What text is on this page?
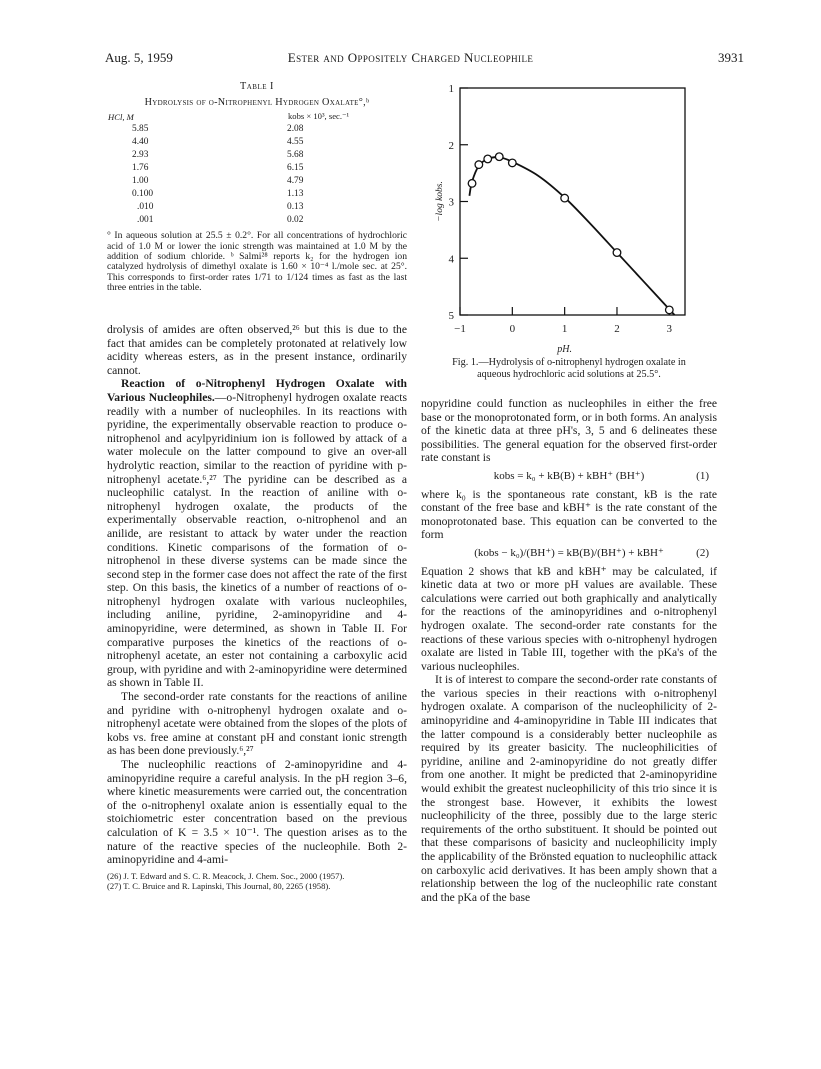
Aug. 5, 1959	Ester and Oppositely Charged Nucleophile	3931
Table I
Hydrolysis of o-Nitrophenyl Hydrogen Oxalate°,ᵇ
HCl, M	kobs × 10³, sec.⁻¹
5.85	2.08
4.40	4.55
2.93	5.68
1.76	6.15
1.00	4.79
0.100	1.13
.010	0.13
.001	0.02
° In aqueous solution at 25.5 ± 0.2°. For all concentrations of hydrochloric acid of 1.0 M or lower the ionic strength was maintained at 1.0 M by the addition of sodium chloride. ᵇ Salmi²⁸ reports k₂ for the hydrogen ion catalyzed hydrolysis of dimethyl oxalate is 1.60 × 10⁻⁴ l./mole sec. at 25°. This corresponds to first-order rates 1/71 to 1/124 times as fast as the last three entries in the table.
−1	0	1	2	3
1
2
3
4
5
−log kobs.
pH.
Fig. 1.—Hydrolysis of o-nitrophenyl hydrogen oxalate in
aqueous hydrochloric acid solutions at 25.5°.

drolysis of amides are often observed,²⁶ but this is due to the fact that amides can be completely protonated at relatively low acidity whereas esters, as in the present instance, ordinarily cannot.

Reaction of o-Nitrophenyl Hydrogen Oxalate with Various Nucleophiles.—o-Nitrophenyl hydrogen oxalate reacts readily with a number of nucleophiles. In its reactions with pyridine, the experimentally observable reaction to produce o-nitrophenol and acylpyridinium ion is followed by attack of a water molecule on the latter compound to give an over-all hydrolytic reaction, similar to the reaction of pyridine with p-nitrophenyl acetate.⁶,²⁷ The pyridine can be described as a nucleophilic catalyst. In the reaction of aniline with o-nitrophenyl hydrogen oxalate, the products of the experimentally observable reaction, o-nitrophenol and an anilide, are resistant to attack by water under the reaction conditions. Kinetic comparisons of the formation of o-nitrophenol in these diverse systems can be made since the second step in the former case does not affect the rate of the first step. On this basis, the kinetics of a number of reactions of o-nitrophenyl hydrogen oxalate with various nucleophiles, including aniline, pyridine, 2-aminopyridine and 4-aminopyridine, were determined, as shown in Table II. For comparative purposes the kinetics of the reactions of o-nitrophenyl acetate, an ester not containing a carboxylic acid group, with pyridine and with 2-aminopyridine were determined as shown in Table II.

The second-order rate constants for the reactions of aniline and pyridine with o-nitrophenyl hydrogen oxalate and o-nitrophenyl acetate were obtained from the slopes of the plots of kobs vs. free amine at constant pH and constant ionic strength as has been done previously.⁶,²⁷

The nucleophilic reactions of 2-aminopyridine and 4-aminopyridine require a careful analysis. In the pH region 3–6, where kinetic measurements were carried out, the concentration of the o-nitrophenyl oxalate anion is essentially equal to the stoichiometric ester concentration based on the previous calculation of K = 3.5 × 10⁻¹. The question arises as to the nature of the reactive species of the nucleophile. Both 2-aminopyridine and 4-ami-

(26) J. T. Edward and S. C. R. Meacock, J. Chem. Soc., 2000 (1957).
(27) T. C. Bruice and R. Lapinski, This Journal, 80, 2265 (1958).

nopyridine could function as nucleophiles in either the free base or the monoprotonated form, or in both forms. An analysis of the kinetic data at three pH's, 3, 5 and 6 delineates these possibilities. The general equation for the observed first-order rate constant is

kobs = k₀ + kB(B) + kBH⁺ (BH⁺)	(1)

where k₀ is the spontaneous rate constant, kB is the rate constant of the free base and kBH⁺ is the rate constant of the monoprotonated base. This equation can be converted to the form

(kobs − k₀)/(BH⁺) = kB(B)/(BH⁺) + kBH⁺	(2)

Equation 2 shows that kB and kBH⁺ may be calculated, if kinetic data at two or more pH values are available. These calculations were carried out both graphically and analytically for the reactions of the aminopyridines and o-nitrophenyl hydrogen oxalate. The second-order rate constants for the reactions of these various species with o-nitrophenyl hydrogen oxalate are listed in Table III, together with the pKa's of the various nucleophiles.

It is of interest to compare the second-order rate constants of the various species in their reactions with o-nitrophenyl hydrogen oxalate. A comparison of the nucleophilicity of 2-aminopyridine and 4-aminopyridine in Table III indicates that the latter compound is a considerably better nucleophile as required by its greater basicity. The nucleophilicities of pyridine, aniline and 2-aminopyridine do not greatly differ from one another. It might be predicted that 2-aminopyridine would exhibit the greatest nucleophilicity of this trio since it is the strongest base. However, it exhibits the lowest nucleophilicity of the three, possibly due to the large steric requirements of the ortho substituent. It should be pointed out that these comparisons of basicity and nucleophilicity imply the applicability of the Brönsted equation to nucleophilic attack on carboxylic acid derivatives. It has been amply shown that a relationship between the log of the nucleophilic rate constant and the pKa of the base
